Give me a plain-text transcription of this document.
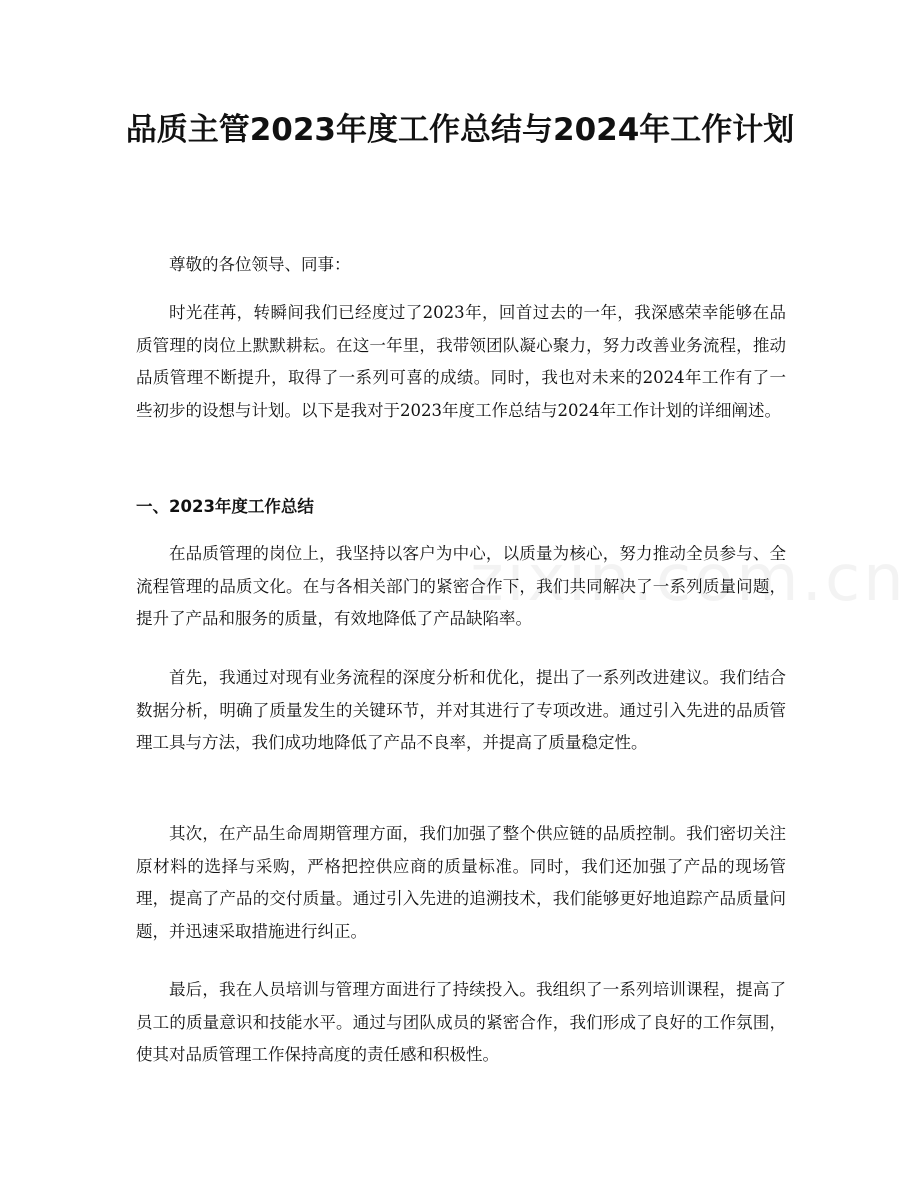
品质主管2023年度工作总结与2024年工作计划

尊敬的各位领导、同事：

时光荏苒，转瞬间我们已经度过了2023年，回首过去的一年，我深感荣幸能够在品质管理的岗位上默默耕耘。在这一年里，我带领团队凝心聚力，努力改善业务流程，推动品质管理不断提升，取得了一系列可喜的成绩。同时，我也对未来的2024年工作有了一些初步的设想与计划。以下是我对于2023年度工作总结与2024年工作计划的详细阐述。

一、2023年度工作总结

在品质管理的岗位上，我坚持以客户为中心，以质量为核心，努力推动全员参与、全流程管理的品质文化。在与各相关部门的紧密合作下，我们共同解决了一系列质量问题，提升了产品和服务的质量，有效地降低了产品缺陷率。

首先，我通过对现有业务流程的深度分析和优化，提出了一系列改进建议。我们结合数据分析，明确了质量发生的关键环节，并对其进行了专项改进。通过引入先进的品质管理工具与方法，我们成功地降低了产品不良率，并提高了质量稳定性。

其次，在产品生命周期管理方面，我们加强了整个供应链的品质控制。我们密切关注原材料的选择与采购，严格把控供应商的质量标准。同时，我们还加强了产品的现场管理，提高了产品的交付质量。通过引入先进的追溯技术，我们能够更好地追踪产品质量问题，并迅速采取措施进行纠正。

最后，我在人员培训与管理方面进行了持续投入。我组织了一系列培训课程，提高了员工的质量意识和技能水平。通过与团队成员的紧密合作，我们形成了良好的工作氛围，使其对品质管理工作保持高度的责任感和积极性。
